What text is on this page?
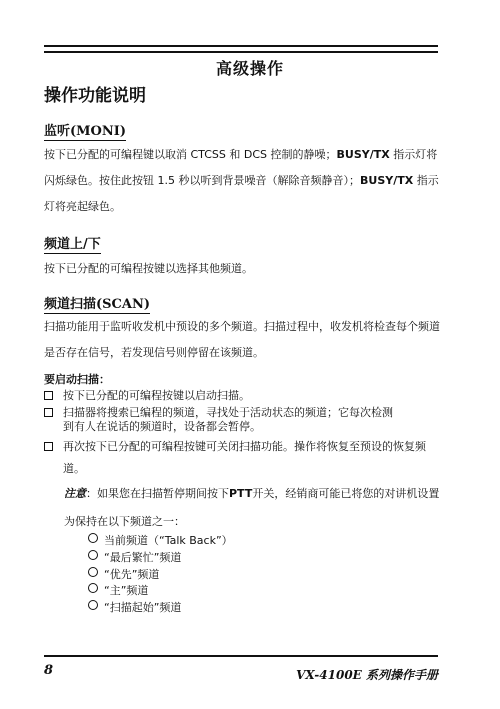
高级操作
操作功能说明
监听(MONI)
按下已分配的可编程键以取消 CTCSS 和 DCS 控制的静噪；BUSY/TX 指示灯将闪烁绿色。按住此按钮 1.5 秒以听到背景噪音（解除音频静音）；BUSY/TX 指示灯将亮起绿色。
频道上/下
按下已分配的可编程按键以选择其他频道。
频道扫描(SCAN)
扫描功能用于监听收发机中预设的多个频道。扫描过程中，收发机将检查每个频道是否存在信号，若发现信号则停留在该频道。
要启动扫描：
按下已分配的可编程按键以启动扫描。
扫描器将搜索已编程的频道，寻找处于活动状态的频道；它每次检测到有人在说话的频道时，设备都会暂停。
再次按下已分配的可编程按键可关闭扫描功能。操作将恢复至预设的恢复频道。
注意：如果您在扫描暂停期间按下PTT开关，经销商可能已将您的对讲机设置为保持在以下频道之一：
当前频道（“Talk Back”）
“最后繁忙”频道
“优先”频道
“主”频道
“扫描起始”频道
8	VX-4100E 系列操作手册
